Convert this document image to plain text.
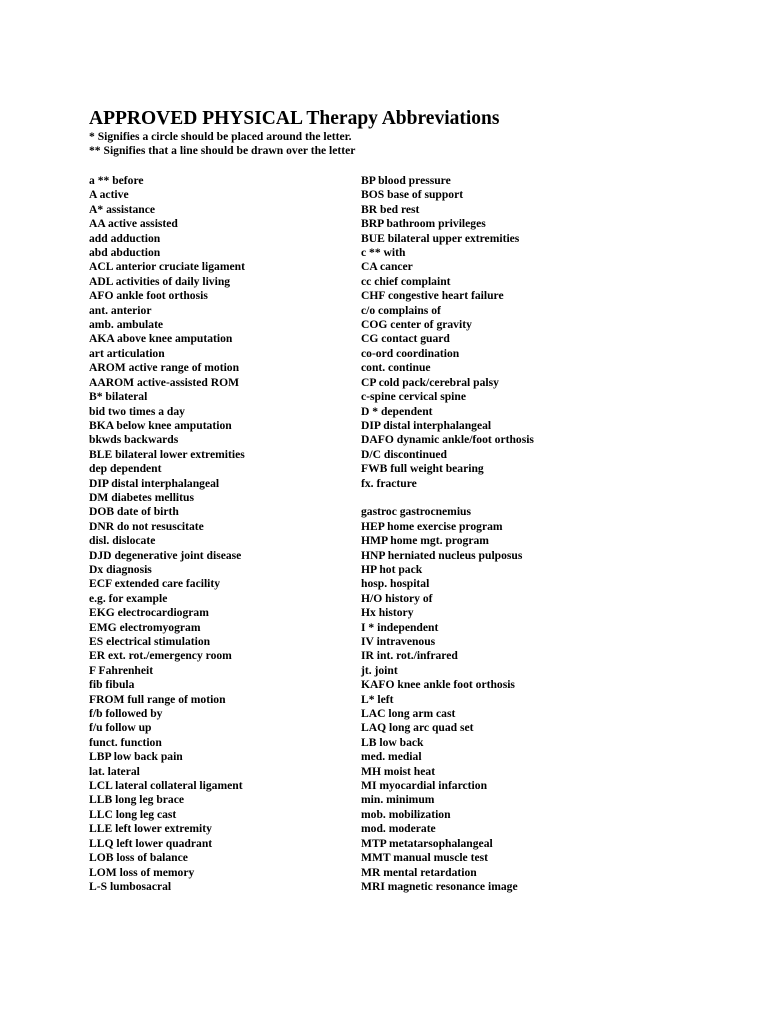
APPROVED PHYSICAL Therapy Abbreviations
* Signifies a circle should be placed around the letter.
** Signifies that a line should be drawn over the letter
a ** before
A active
A* assistance
AA active assisted
add adduction
abd abduction
ACL anterior cruciate ligament
ADL activities of daily living
AFO ankle foot orthosis
ant. anterior
amb. ambulate
AKA above knee amputation
art articulation
AROM active range of motion
AAROM active-assisted ROM
B* bilateral
bid two times a day
BKA below knee amputation
bkwds backwards
BLE bilateral lower extremities
dep dependent
DIP distal interphalangeal
DM diabetes mellitus
DOB date of birth
DNR do not resuscitate
disl. dislocate
DJD degenerative joint disease
Dx diagnosis
ECF extended care facility
e.g. for example
EKG electrocardiogram
EMG electromyogram
ES electrical stimulation
ER ext. rot./emergency room
F Fahrenheit
fib fibula
FROM full range of motion
f/b followed by
f/u follow up
funct. function
LBP low back pain
lat. lateral
LCL lateral collateral ligament
LLB long leg brace
LLC long leg cast
LLE left lower extremity
LLQ left lower quadrant
LOB loss of balance
LOM loss of memory
L-S lumbosacral
BP blood pressure
BOS base of support
BR bed rest
BRP bathroom privileges
BUE bilateral upper extremities
c ** with
CA cancer
cc chief complaint
CHF congestive heart failure
c/o complains of
COG center of gravity
CG contact guard
co-ord coordination
cont. continue
CP cold pack/cerebral palsy
c-spine cervical spine
D * dependent
DIP distal interphalangeal
DAFO dynamic ankle/foot orthosis
D/C discontinued
FWB full weight bearing
fx. fracture
gastroc gastrocnemius
HEP home exercise program
HMP home mgt. program
HNP herniated nucleus pulposus
HP hot pack
hosp. hospital
H/O history of
Hx history
I * independent
IV intravenous
IR int. rot./infrared
jt. joint
KAFO knee ankle foot orthosis
L* left
LAC long arm cast
LAQ long arc quad set
LB low back
med. medial
MH moist heat
MI myocardial infarction
min. minimum
mob. mobilization
mod. moderate
MTP metatarsophalangeal
MMT manual muscle test
MR mental retardation
MRI magnetic resonance image
